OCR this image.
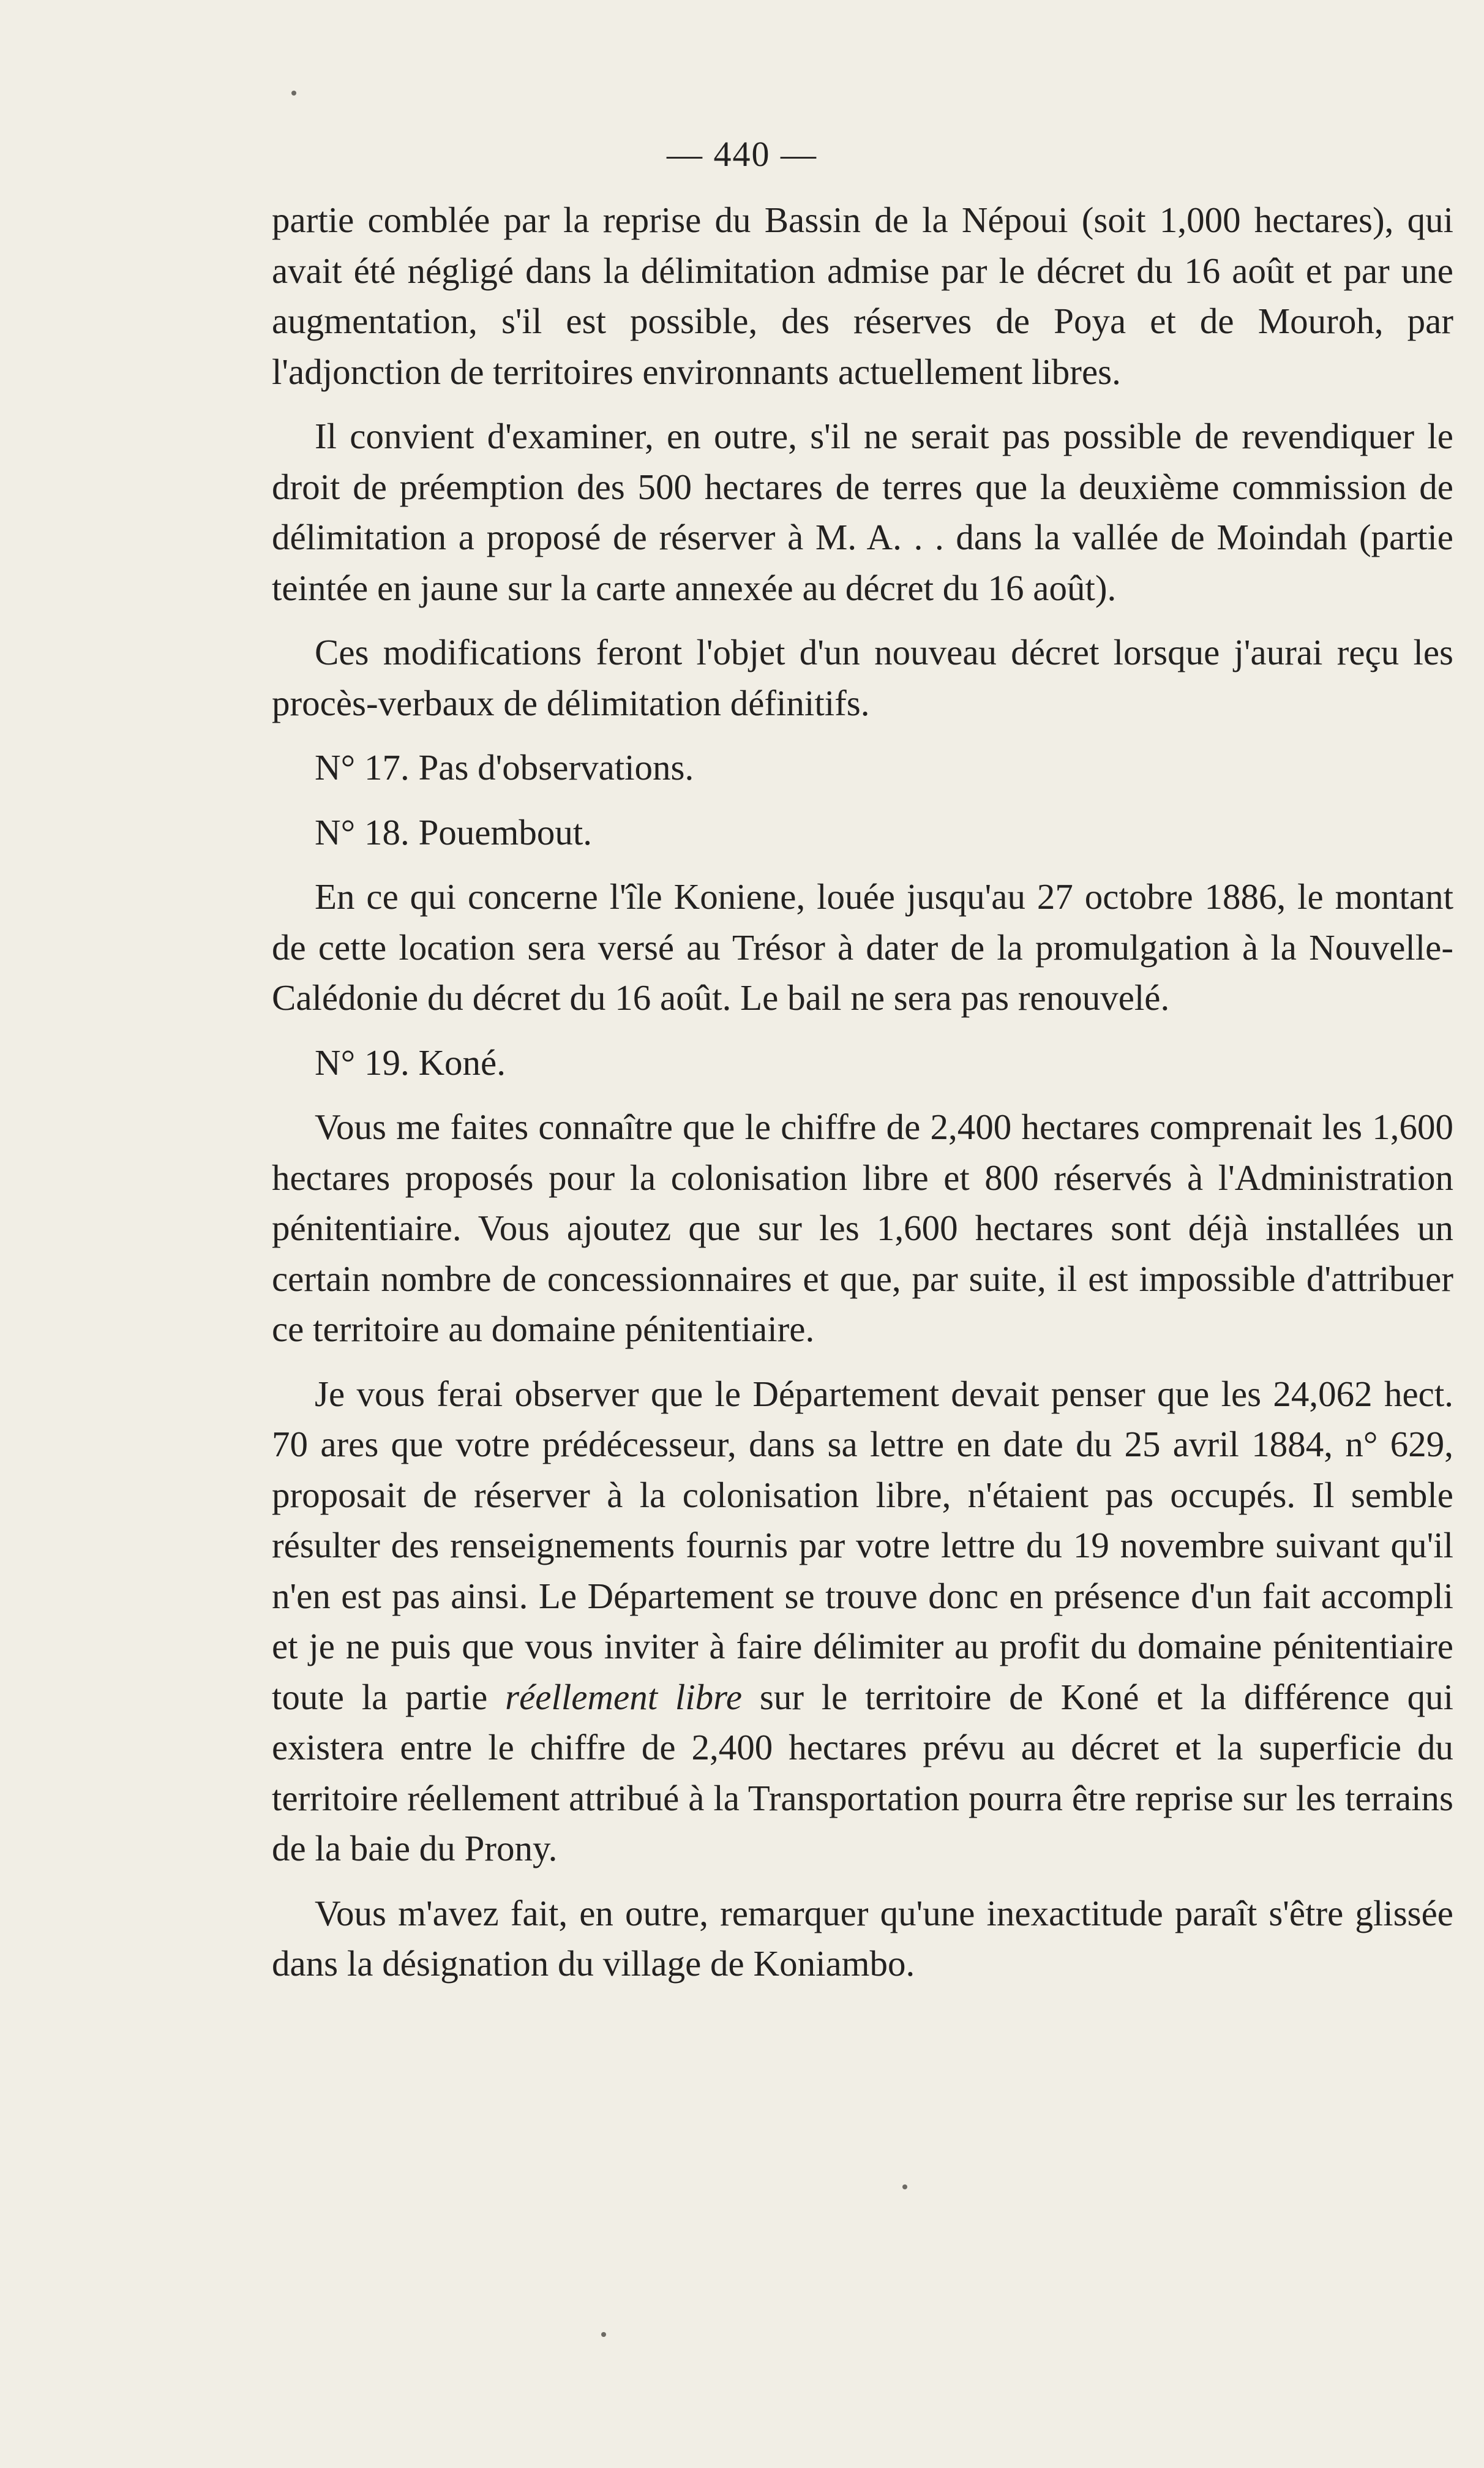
— 440 —

partie comblée par la reprise du Bassin de la Népoui (soit 1,000 hectares), qui avait été négligé dans la délimitation admise par le décret du 16 août et par une augmentation, s'il est possible, des réserves de Poya et de Mouroh, par l'adjonction de territoires environnants actuellement libres.

Il convient d'examiner, en outre, s'il ne serait pas possible de revendiquer le droit de préemption des 500 hectares de terres que la deuxième commission de délimitation a proposé de réserver à M. A. . . dans la vallée de Moindah (partie teintée en jaune sur la carte annexée au décret du 16 août).

Ces modifications feront l'objet d'un nouveau décret lorsque j'aurai reçu les procès-verbaux de délimitation définitifs.

N° 17. Pas d'observations.

N° 18. Pouembout.

En ce qui concerne l'île Koniene, louée jusqu'au 27 octobre 1886, le montant de cette location sera versé au Trésor à dater de la promulgation à la Nouvelle-Calédonie du décret du 16 août. Le bail ne sera pas renouvelé.

N° 19. Koné.

Vous me faites connaître que le chiffre de 2,400 hectares comprenait les 1,600 hectares proposés pour la colonisation libre et 800 réservés à l'Administration pénitentiaire. Vous ajoutez que sur les 1,600 hectares sont déjà installées un certain nombre de concessionnaires et que, par suite, il est impossible d'attribuer ce territoire au domaine pénitentiaire.

Je vous ferai observer que le Département devait penser que les 24,062 hect. 70 ares que votre prédécesseur, dans sa lettre en date du 25 avril 1884, n° 629, proposait de réserver à la colonisation libre, n'étaient pas occupés. Il semble résulter des renseignements fournis par votre lettre du 19 novembre suivant qu'il n'en est pas ainsi. Le Département se trouve donc en présence d'un fait accompli et je ne puis que vous inviter à faire délimiter au profit du domaine pénitentiaire toute la partie réellement libre sur le territoire de Koné et la différence qui existera entre le chiffre de 2,400 hectares prévu au décret et la superficie du territoire réellement attribué à la Transportation pourra être reprise sur les terrains de la baie du Prony.

Vous m'avez fait, en outre, remarquer qu'une inexactitude paraît s'être glissée dans la désignation du village de Koniambo.
